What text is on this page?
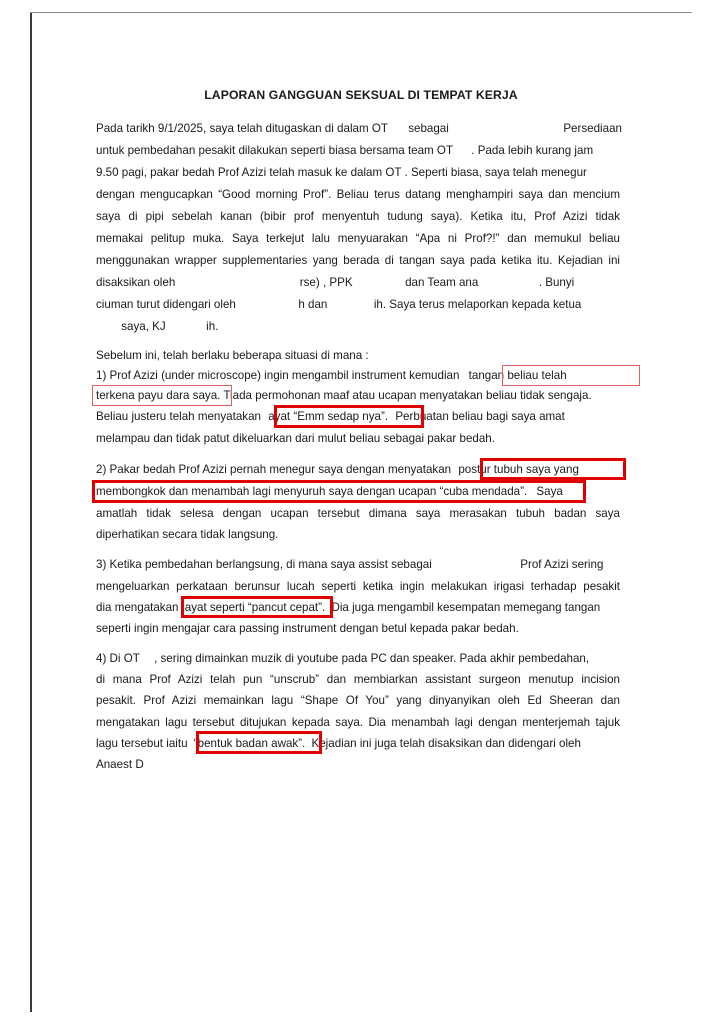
LAPORAN GANGGUAN SEKSUAL DI TEMPAT KERJA
Pada tarikh 9/1/2025, saya telah ditugaskan di dalam OT sebagai	Persediaan
untuk pembedahan pesakit dilakukan seperti biasa bersama team OT . Pada lebih kurang jam
9.50 pagi, pakar bedah Prof Azizi telah masuk ke dalam OT . Seperti biasa, saya telah menegur
dengan mengucapkan “Good morning Prof”. Beliau terus datang menghampiri saya dan mencium
saya di pipi sebelah kanan (bibir prof menyentuh tudung saya). Ketika itu, Prof Azizi tidak
memakai pelitup muka. Saya terkejut lalu menyuarakan “Apa ni Prof?!” dan memukul beliau
menggunakan wrapper supplementaries yang berada di tangan saya pada ketika itu. Kejadian ini
disaksikan oleh	rse) , PPK	dan Team ana	. Bunyi
ciuman turut didengari oleh	h dan	ih. Saya terus melaporkan kepada ketua
saya, KJ	ih.
Sebelum ini, telah berlaku beberapa situasi di mana :
1) Prof Azizi (under microscope) ingin mengambil instrument kemudian tangan beliau telah
terkena payu dara saya. Tiada permohonan maaf atau ucapan menyatakan beliau tidak sengaja.
Beliau justeru telah menyatakan ayat “Emm sedap nya”. Perbuatan beliau bagi saya amat
melampau dan tidak patut dikeluarkan dari mulut beliau sebagai pakar bedah.
2) Pakar bedah Prof Azizi pernah menegur saya dengan menyatakan postur tubuh saya yang
membongkok dan menambah lagi menyuruh saya dengan ucapan “cuba mendada”. Saya
amatlah tidak selesa dengan ucapan tersebut dimana saya merasakan tubuh badan saya
diperhatikan secara tidak langsung.
3) Ketika pembedahan berlangsung, di mana saya assist sebagai	Prof Azizi sering
mengeluarkan perkataan berunsur lucah seperti ketika ingin melakukan irigasi terhadap pesakit
dia mengatakan ayat seperti “pancut cepat”. Dia juga mengambil kesempatan memegang tangan
seperti ingin mengajar cara passing instrument dengan betul kepada pakar bedah.
4) Di OT , sering dimainkan muzik di youtube pada PC dan speaker. Pada akhir pembedahan,
di mana Prof Azizi telah pun “unscrub” dan membiarkan assistant surgeon menutup incision
pesakit. Prof Azizi memainkan lagu “Shape Of You” yang dinyanyikan oleh Ed Sheeran dan
mengatakan lagu tersebut ditujukan kepada saya. Dia menambah lagi dengan menterjemah tajuk
lagu tersebut iaitu “bentuk badan awak”. Kejadian ini juga telah disaksikan dan didengari oleh
Anaest D
